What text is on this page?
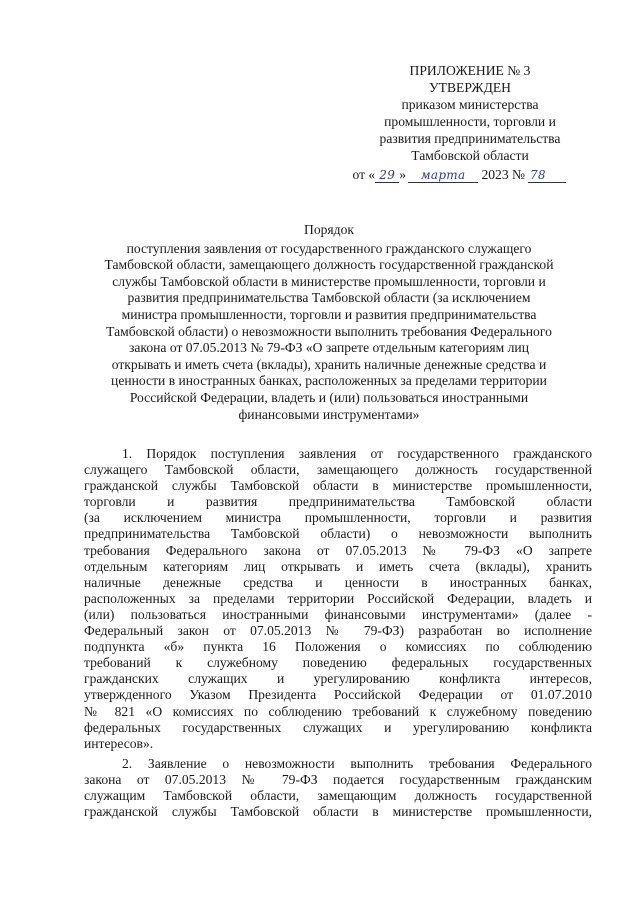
ПРИЛОЖЕНИЕ № 3
УТВЕРЖДЕН
приказом министерства
промышленности, торговли и
развития предпринимательства
Тамбовской области
от « 29 » марта 2023 № 78
Порядок
поступления заявления от государственного гражданского служащего
Тамбовской области, замещающего должность государственной гражданской
службы Тамбовской области в министерстве промышленности, торговли и
развития предпринимательства Тамбовской области (за исключением
министра промышленности, торговли и развития предпринимательства
Тамбовской области) о невозможности выполнить требования Федерального
закона от 07.05.2013 № 79-ФЗ «О запрете отдельным категориям лиц
открывать и иметь счета (вклады), хранить наличные денежные средства и
ценности в иностранных банках, расположенных за пределами территории
Российской Федерации, владеть и (или) пользоваться иностранными
финансовыми инструментами»

1. Порядок поступления заявления от государственного гражданского

служащего Тамбовской области, замещающего должность государственной

гражданской службы Тамбовской области в министерстве промышленности,

торговли и развития предпринимательства Тамбовской области

(за исключением министра промышленности, торговли и развития

предпринимательства Тамбовской области) о невозможности выполнить

требования Федерального закона от 07.05.2013 № 79-ФЗ «О запрете

отдельным категориям лиц открывать и иметь счета (вклады), хранить

наличные денежные средства и ценности в иностранных банках,

расположенных за пределами территории Российской Федерации, владеть и

(или) пользоваться иностранными финансовыми инструментами» (далее -

Федеральный закон от 07.05.2013 № 79-ФЗ) разработан во исполнение

подпункта «б» пункта 16 Положения о комиссиях по соблюдению

требований к служебному поведению федеральных государственных

гражданских служащих и урегулированию конфликта интересов,

утвержденного Указом Президента Российской Федерации от 01.07.2010

№ 821 «О комиссиях по соблюдению требований к служебному поведению

федеральных государственных служащих и урегулированию конфликта

интересов».

2. Заявление о невозможности выполнить требования Федерального

закона от 07.05.2013 № 79-ФЗ подается государственным гражданским

служащим Тамбовской области, замещающим должность государственной

гражданской службы Тамбовской области в министерстве промышленности,
